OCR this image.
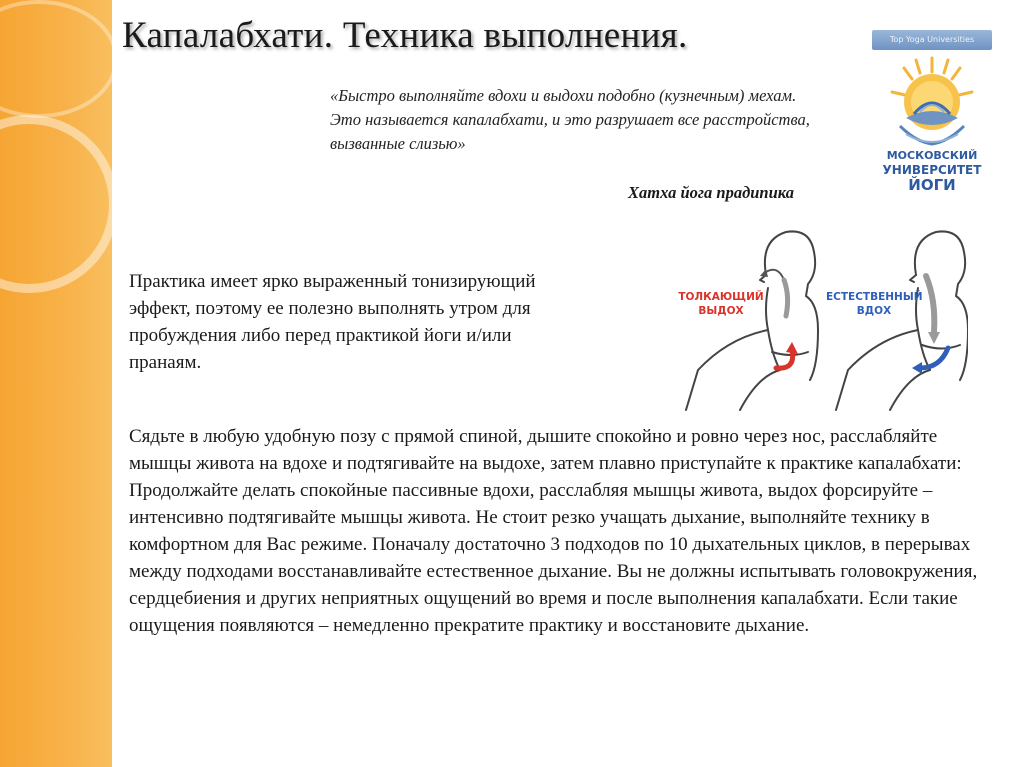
Капалабхати. Техника выполнения.
«Быстро выполняйте вдохи и выдохи подобно (кузнечным) мехам. Это называется капалабхати, и это разрушает все расстройства, вызванные слизью»
Хатха йога прадипика
Top Yoga Universities
МОСКОВСКИЙ
УНИВЕРСИТЕТ
ЙОГИ
Практика имеет ярко выраженный тонизирующий эффект, поэтому ее полезно выполнять утром для пробуждения либо перед практикой йоги и/или пранаям.
ТОЛКАЮЩИЙ
ВЫДОХ
ЕСТЕСТВЕННЫЙ
ВДОХ

Сядьте в любую удобную позу с прямой спиной, дышите спокойно и ровно через нос, расслабляйте мышцы живота на вдохе и подтягивайте на выдохе, затем плавно приступайте к практике капалабхати:

Продолжайте делать спокойные пассивные вдохи, расслабляя мышцы живота, выдох форсируйте – интенсивно подтягивайте мышцы живота. Не стоит резко учащать дыхание, выполняйте технику в комфортном для Вас режиме. Поначалу достаточно 3 подходов по 10 дыхательных циклов, в перерывах между подходами восстанавливайте естественное дыхание. Вы не должны испытывать головокружения, сердцебиения и других неприятных ощущений во время и после выполнения капалабхати. Если такие ощущения появляются – немедленно прекратите практику и восстановите дыхание.
